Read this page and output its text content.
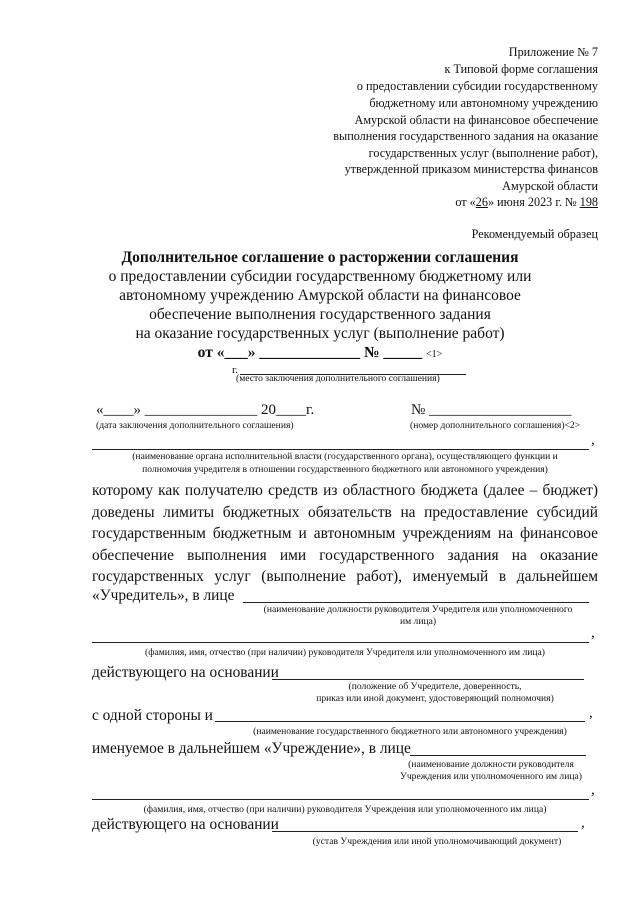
Приложение № 7
к Типовой форме соглашения
о предоставлении субсидии государственному
бюджетному или автономному учреждению
Амурской области на финансовое обеспечение
выполнения государственного задания на оказание
государственных услуг (выполнение работ),
утвержденной приказом министерства финансов
Амурской области
от «26» июня 2023 г. № 198
Рекомендуемый образец
Дополнительное соглашение о расторжении соглашения
о предоставлении субсидии государственному бюджетному или
автономному учреждению Амурской области на финансовое
обеспечение выполнения государственного задания
на оказание государственных услуг (выполнение работ)
от «___» _____________ № _____ <1>
г.
(место заключения дополнительного соглашения)
«____» _______________ 20____г.	№ ___________________
(дата заключения дополнительного соглашения)	(номер дополнительного соглашения)<2>
,
(наименование органа исполнительной власти (государственного органа), осуществляющего функции и
полномочия учредителя в отношении государственного бюджетного или автономного учреждения)
которому как получателю средств из областного бюджета (далее – бюджет)
доведены лимиты бюджетных обязательств на предоставление субсидий
государственным бюджетным и автономным учреждениям на финансовое
обеспечение выполнения ими государственного задания на оказание
государственных услуг (выполнение работ), именуемый в дальнейшем
«Учредитель», в лице
(наименование должности руководителя Учредителя или уполномоченного
им лица)
,
(фамилия, имя, отчество (при наличии) руководителя Учредителя или уполномоченного им лица)
действующего на основании
(положение об Учредителе, доверенность,
приказ или иной документ, удостоверяющий полномочия)
с одной стороны и	,
(наименование государственного бюджетного или автономного учреждения)
именуемое в дальнейшем «Учреждение», в лице
(наименование должности руководителя
Учреждения или уполномоченного им лица)
,
(фамилия, имя, отчество (при наличии) руководителя Учреждения или уполномоченного им лица)
действующего на основании	,
(устав Учреждения или иной уполномочивающий документ)
